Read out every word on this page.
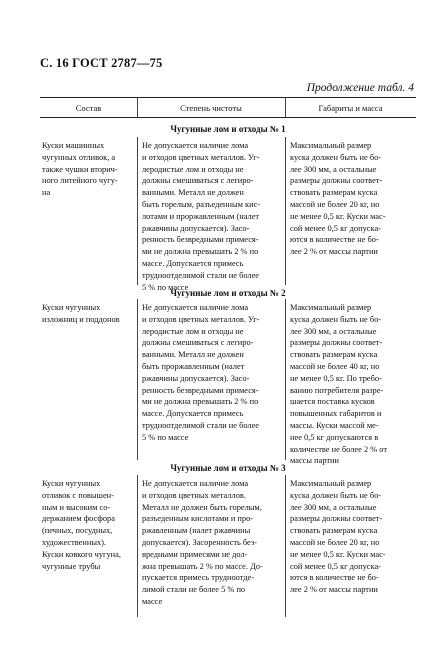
С. 16 ГОСТ 2787—75
Продолжение табл. 4
Состав	Степень чистоты	Габариты и масса
Чугунные лом и отходы № 1
Куски машинных
чугунных отливок, а
также чушки вторич-
ного литейного чугу-
на
Не допускается наличие лома
и отходов цветных металлов. Уг-
леродистые лом и отходы не
должны смешиваться с легиро-
ванными. Металл не должен
быть горелым, разъеденным кис-
лотами и проржавленным (налет
ржавчины допускается). Засо-
ренность безвредными примеся-
ми не должна превышать 2 % по
массе. Допускается примесь
трудноотделимой стали не более
5 % по массе
Максимальный размер
куска должен быть не бо-
лее 300 мм, а остальные
размеры должны соответ-
ствовать размерам куска
массой не более 20 кг, но
не менее 0,5 кг. Куски мас-
сой менее 0,5 кг допуска-
ются в количестве не бо-
лее 2 % от массы партии
Чугунные лом и отходы № 2
Куски чугунных
изложниц и поддонов
Не допускается наличие лома
и отходов цветных металлов. Уг-
леродистые лом и отходы не
должны смешиваться с легиро-
ванными. Металл не должен
быть проржавленным (налет
ржавчины допускается). Засо-
ренность безвредными примеся-
ми не должна превышать 2 % по
массе. Допускается примесь
трудноотделимой стали не более
5 % по массе
Максимальный размер
куска должен быть не бо-
лее 300 мм, а остальные
размеры должны соответ-
ствовать размерам куска
массой не более 40 кг, но
не менее 0,5 кг. По требо-
ванию потребителя разре-
шается поставка кусков
повышенных габаритов и
массы. Куски массой ме-
нее 0,5 кг допускаются в
количестве не более 2 % от
массы партии
Чугунные лом и отходы № 3
Куски чугунных
отливок с повышен-
ным и высоким со-
держанием фосфора
(печных, посудных,
художественных).
Куски ковкого чугуна,
чугунные трубы
Не допускается наличие лома
и отходов цветных металлов.
Металл не должен быть горелым,
разъеденным кислотами и про-
ржавленным (налет ржавчины
допускается). Засоренность без-
вредными примесями не дол-
жна превышать 2 % по массе. До-
пускается примесь трудноотде-
лимой стали не более 5 % по
массе
Максимальный размер
куска должен быть не бо-
лее 300 мм, а остальные
размеры должны соответ-
ствовать размерам куска
массой не более 20 кг, но
не менее 0,5 кг. Куски мас-
сой менее 0,5 кг допуска-
ются в количестве не бо-
лее 2 % от массы партии
